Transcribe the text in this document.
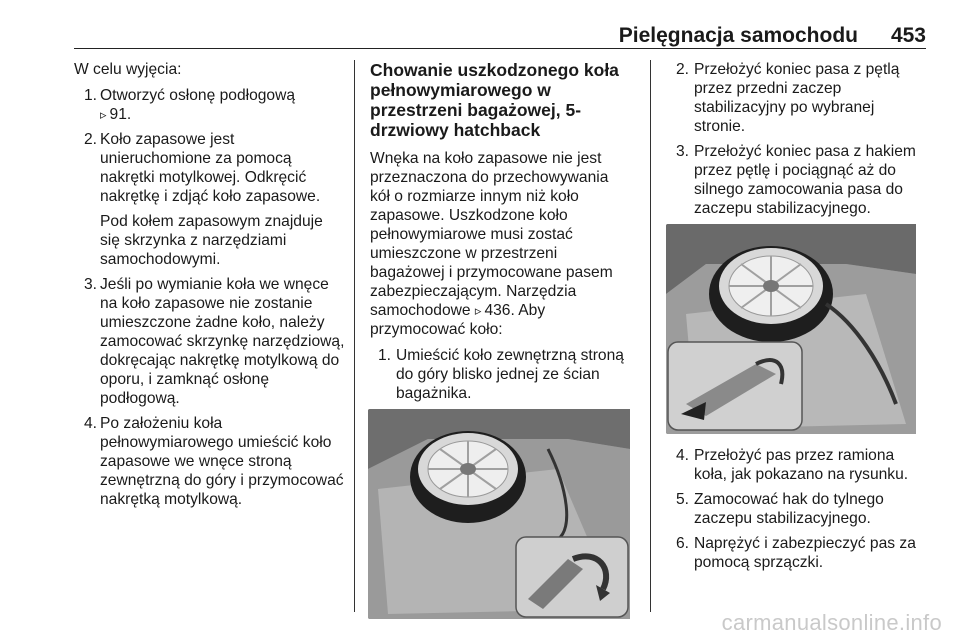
Pielęgnacja samochodu 453

W celu wyjęcia:

1. Otworzyć osłonę podłogową
▹ 91.
2. Koło zapasowe jest unieruchomione za pomocą nakrętki motylkowej. Odkręcić nakrętkę i zdjąć koło zapasowe.

Pod kołem zapasowym znajduje się skrzynka z narzędziami samochodowymi.

3. Jeśli po wymianie koła we wnęce na koło zapasowe nie zostanie umieszczone żadne koło, należy zamocować skrzynkę narzędziową, dokręcając nakrętkę motylkową do oporu, i zamknąć osłonę podłogową.
4. Po założeniu koła pełnowymiarowego umieścić koło zapasowe we wnęce stroną zewnętrzną do góry i przymocować nakrętką motylkową.
Chowanie uszkodzonego koła pełnowymiarowego w przestrzeni bagażowej, 5-drzwiowy hatchback

Wnęka na koło zapasowe nie jest przeznaczona do przechowywania kół o rozmiarze innym niż koło zapasowe. Uszkodzone koło pełnowymiarowe musi zostać umieszczone w przestrzeni bagażowej i przymocowane pasem zabezpieczającym. Narzędzia samochodowe ▹ 436. Aby przymocować koło:

1. Umieścić koło zewnętrzną stroną do góry blisko jednej ze ścian bagażnika.
2. Przełożyć koniec pasa z pętlą przez przedni zaczep stabilizacyjny po wybranej stronie.
3. Przełożyć koniec pasa z hakiem przez pętlę i pociągnąć aż do silnego zamocowania pasa do zaczepu stabilizacyjnego.
4. Przełożyć pas przez ramiona koła, jak pokazano na rysunku.
5. Zamocować hak do tylnego zaczepu stabilizacyjnego.
6. Naprężyć i zabezpieczyć pas za pomocą sprzączki.
carmanualsonline.info
